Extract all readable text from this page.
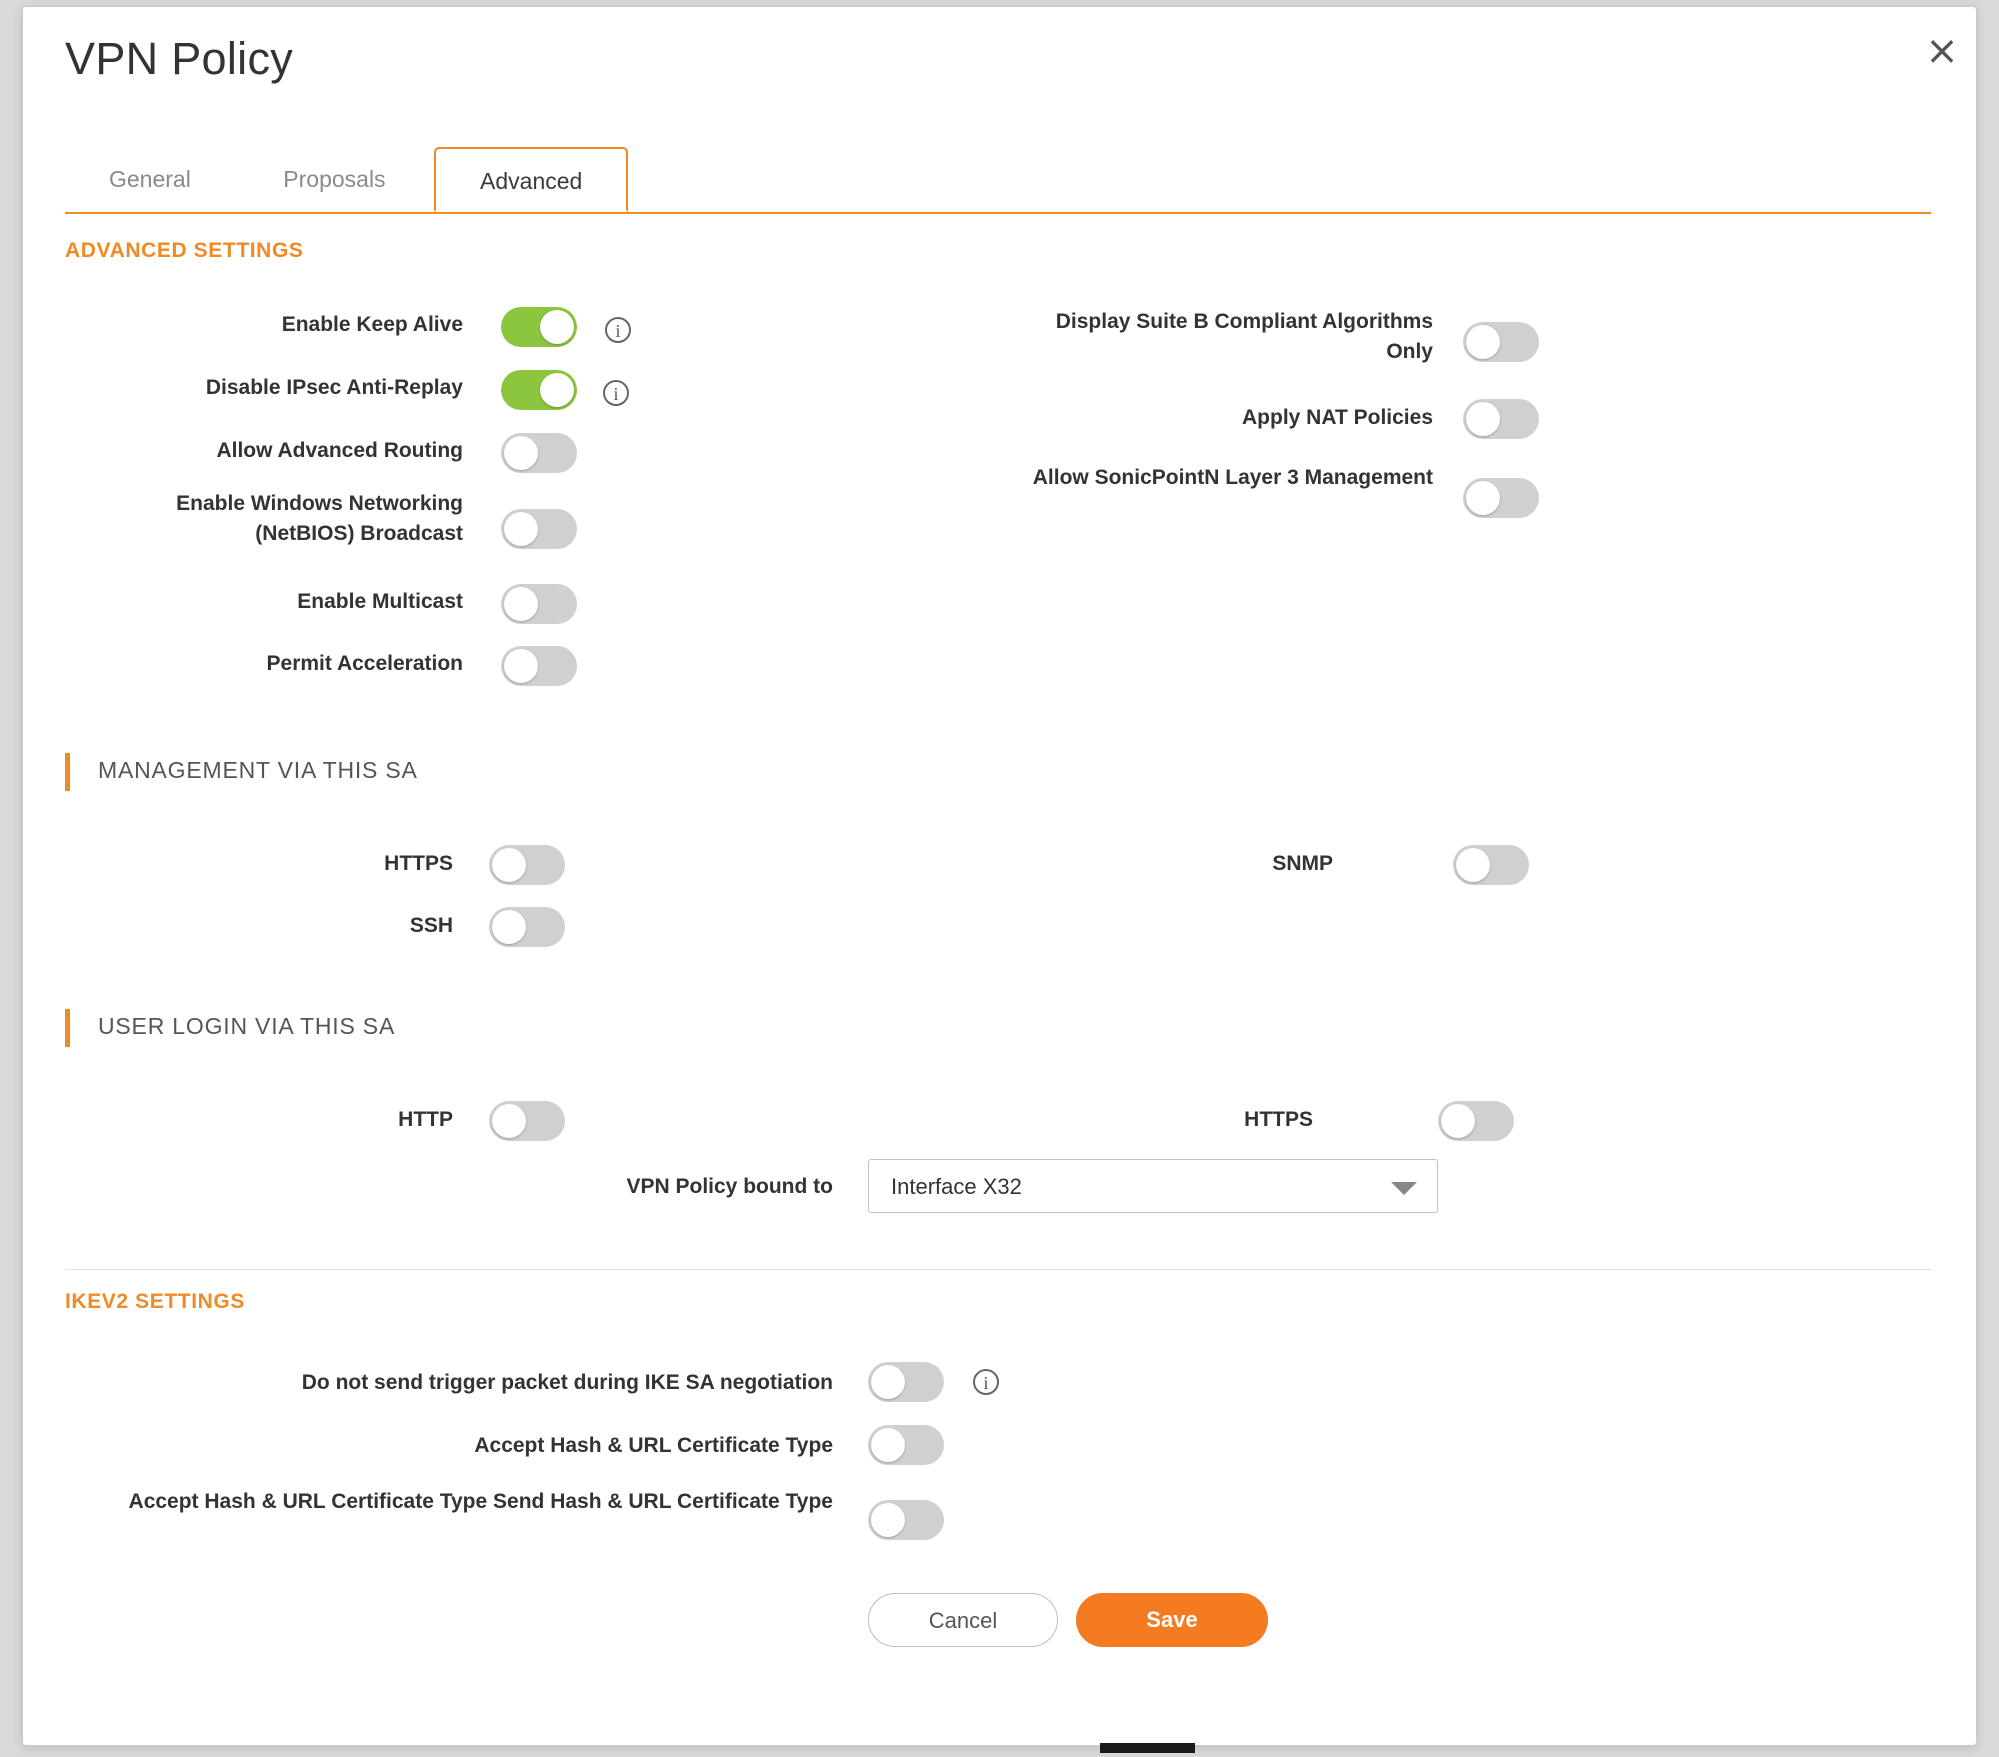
×
VPN Policy
General	Proposals	Advanced
ADVANCED SETTINGS
Enable Keep Alive	i
Disable IPsec Anti-Replay	i
Allow Advanced Routing
Enable Windows Networking (NetBIOS) Broadcast
Enable Multicast
Permit Acceleration
Display Suite B Compliant Algorithms Only
Apply NAT Policies
Allow SonicPointN Layer 3 Management
MANAGEMENT VIA THIS SA
HTTPS
SSH
SNMP
USER LOGIN VIA THIS SA
HTTP	HTTPS
VPN Policy bound to	Interface X32
IKEV2 SETTINGS
Do not send trigger packet during IKE SA negotiation	i
Accept Hash & URL Certificate Type
Accept Hash & URL Certificate Type Send Hash & URL Certificate Type
Cancel	Save
